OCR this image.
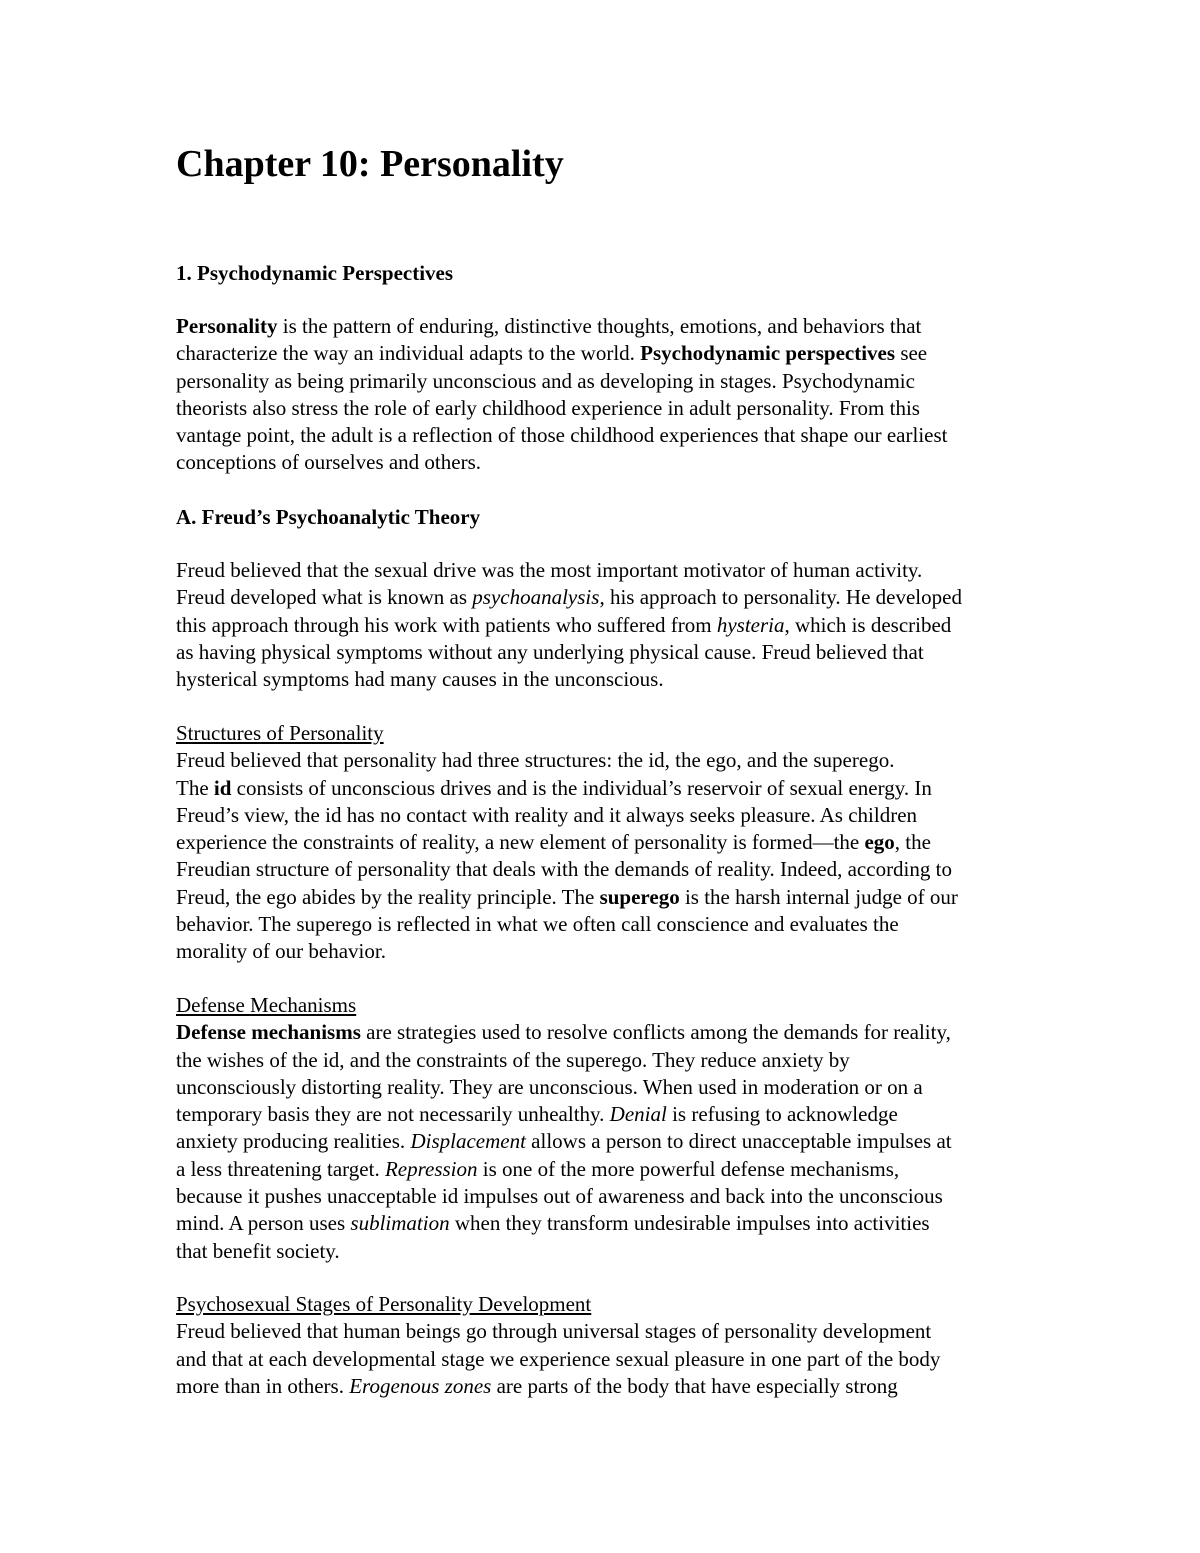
Chapter 10: Personality
1. Psychodynamic Perspectives

Personality is the pattern of enduring, distinctive thoughts, emotions, and behaviors that
characterize the way an individual adapts to the world. Psychodynamic perspectives see
personality as being primarily unconscious and as developing in stages. Psychodynamic
theorists also stress the role of early childhood experience in adult personality. From this
vantage point, the adult is a reflection of those childhood experiences that shape our earliest
conceptions of ourselves and others.

A. Freud’s Psychoanalytic Theory

Freud believed that the sexual drive was the most important motivator of human activity.
Freud developed what is known as psychoanalysis, his approach to personality. He developed
this approach through his work with patients who suffered from hysteria, which is described
as having physical symptoms without any underlying physical cause. Freud believed that
hysterical symptoms had many causes in the unconscious.

Structures of Personality
Freud believed that personality had three structures: the id, the ego, and the superego.
The id consists of unconscious drives and is the individual’s reservoir of sexual energy. In
Freud’s view, the id has no contact with reality and it always seeks pleasure. As children
experience the constraints of reality, a new element of personality is formed—the ego, the
Freudian structure of personality that deals with the demands of reality. Indeed, according to
Freud, the ego abides by the reality principle. The superego is the harsh internal judge of our
behavior. The superego is reflected in what we often call conscience and evaluates the
morality of our behavior.

Defense Mechanisms
Defense mechanisms are strategies used to resolve conflicts among the demands for reality,
the wishes of the id, and the constraints of the superego. They reduce anxiety by
unconsciously distorting reality. They are unconscious. When used in moderation or on a
temporary basis they are not necessarily unhealthy. Denial is refusing to acknowledge
anxiety producing realities. Displacement allows a person to direct unacceptable impulses at
a less threatening target. Repression is one of the more powerful defense mechanisms,
because it pushes unacceptable id impulses out of awareness and back into the unconscious
mind. A person uses sublimation when they transform undesirable impulses into activities
that benefit society.

Psychosexual Stages of Personality Development
Freud believed that human beings go through universal stages of personality development
and that at each developmental stage we experience sexual pleasure in one part of the body
more than in others. Erogenous zones are parts of the body that have especially strong
